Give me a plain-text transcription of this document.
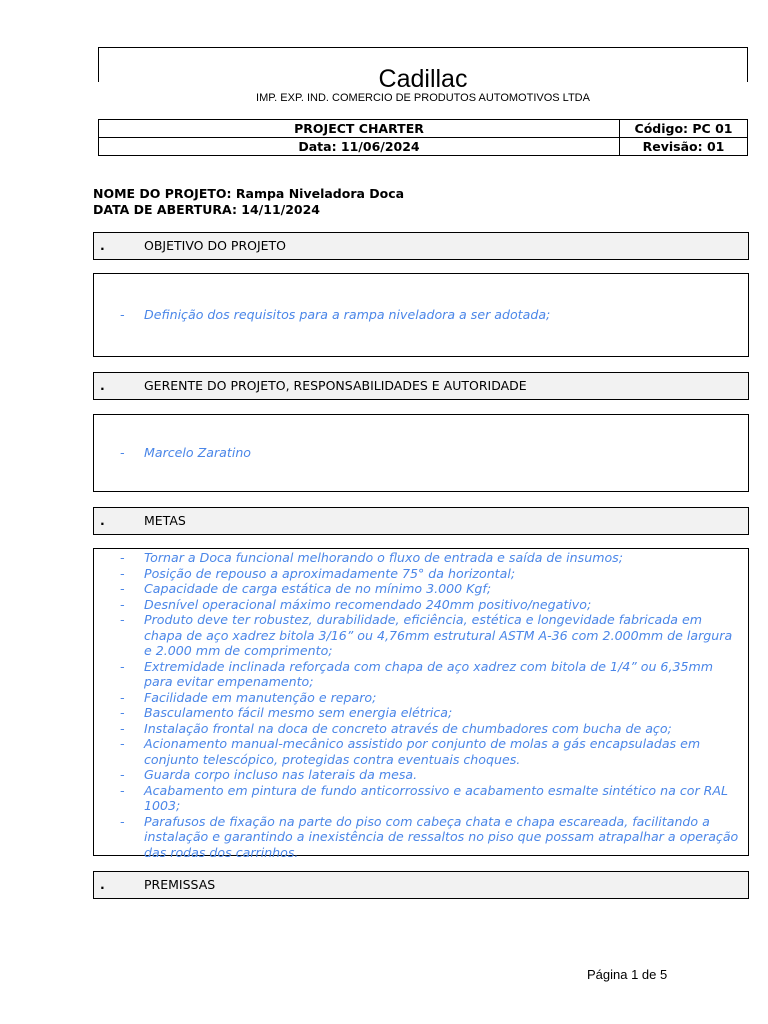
Cadillac
IMP. EXP. IND. COMERCIO DE PRODUTOS AUTOMOTIVOS LTDA
PROJECT CHARTER	Código: PC 01
Data: 11/06/2024	Revisão: 01
NOME DO PROJETO: Rampa Niveladora Doca
DATA DE ABERTURA: 14/11/2024
.	OBJETIVO DO PROJETO
- Definição dos requisitos para a rampa niveladora a ser adotada;
.	GERENTE DO PROJETO, RESPONSABILIDADES E AUTORIDADE
- Marcelo Zaratino
.	METAS
- Tornar a Doca funcional melhorando o fluxo de entrada e saída de insumos;
- Posição de repouso a aproximadamente 75° da horizontal;
- Capacidade de carga estática de no mínimo 3.000 Kgf;
- Desnível operacional máximo recomendado 240mm positivo/negativo;
- Produto deve ter robustez, durabilidade, eficiência, estética e longevidade fabricada em chapa de aço xadrez bitola 3/16” ou 4,76mm estrutural ASTM A-36 com 2.000mm de largura e 2.000 mm de comprimento;
- Extremidade inclinada reforçada com chapa de aço xadrez com bitola de 1/4” ou 6,35mm para evitar empenamento;
- Facilidade em manutenção e reparo;
- Basculamento fácil mesmo sem energia elétrica;
- Instalação frontal na doca de concreto através de chumbadores com bucha de aço;
- Acionamento manual-mecânico assistido por conjunto de molas a gás encapsuladas em conjunto telescópico, protegidas contra eventuais choques.
- Guarda corpo incluso nas laterais da mesa.
- Acabamento em pintura de fundo anticorrossivo e acabamento esmalte sintético na cor RAL 1003;
- Parafusos de fixação na parte do piso com cabeça chata e chapa escareada, facilitando a instalação e garantindo a inexistência de ressaltos no piso que possam atrapalhar a operação das rodas dos carrinhos.
.	PREMISSAS
Página 1 de 5
